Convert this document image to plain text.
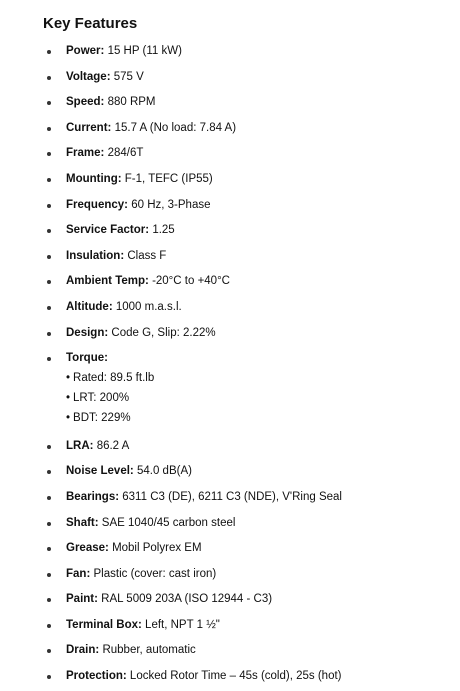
Key Features
Power: 15 HP (11 kW)
Voltage: 575 V
Speed: 880 RPM
Current: 15.7 A (No load: 7.84 A)
Frame: 284/6T
Mounting: F-1, TEFC (IP55)
Frequency: 60 Hz, 3-Phase
Service Factor: 1.25
Insulation: Class F
Ambient Temp: -20°C to +40°C
Altitude: 1000 m.a.s.l.
Design: Code G, Slip: 2.22%
Torque:
• Rated: 89.5 ft.lb
• LRT: 200%
• BDT: 229%
LRA: 86.2 A
Noise Level: 54.0 dB(A)
Bearings: 6311 C3 (DE), 6211 C3 (NDE), V'Ring Seal
Shaft: SAE 1040/45 carbon steel
Grease: Mobil Polyrex EM
Fan: Plastic (cover: cast iron)
Paint: RAL 5009 203A (ISO 12944 - C3)
Terminal Box: Left, NPT 1 ½"
Drain: Rubber, automatic
Protection: Locked Rotor Time – 45s (cold), 25s (hot)
